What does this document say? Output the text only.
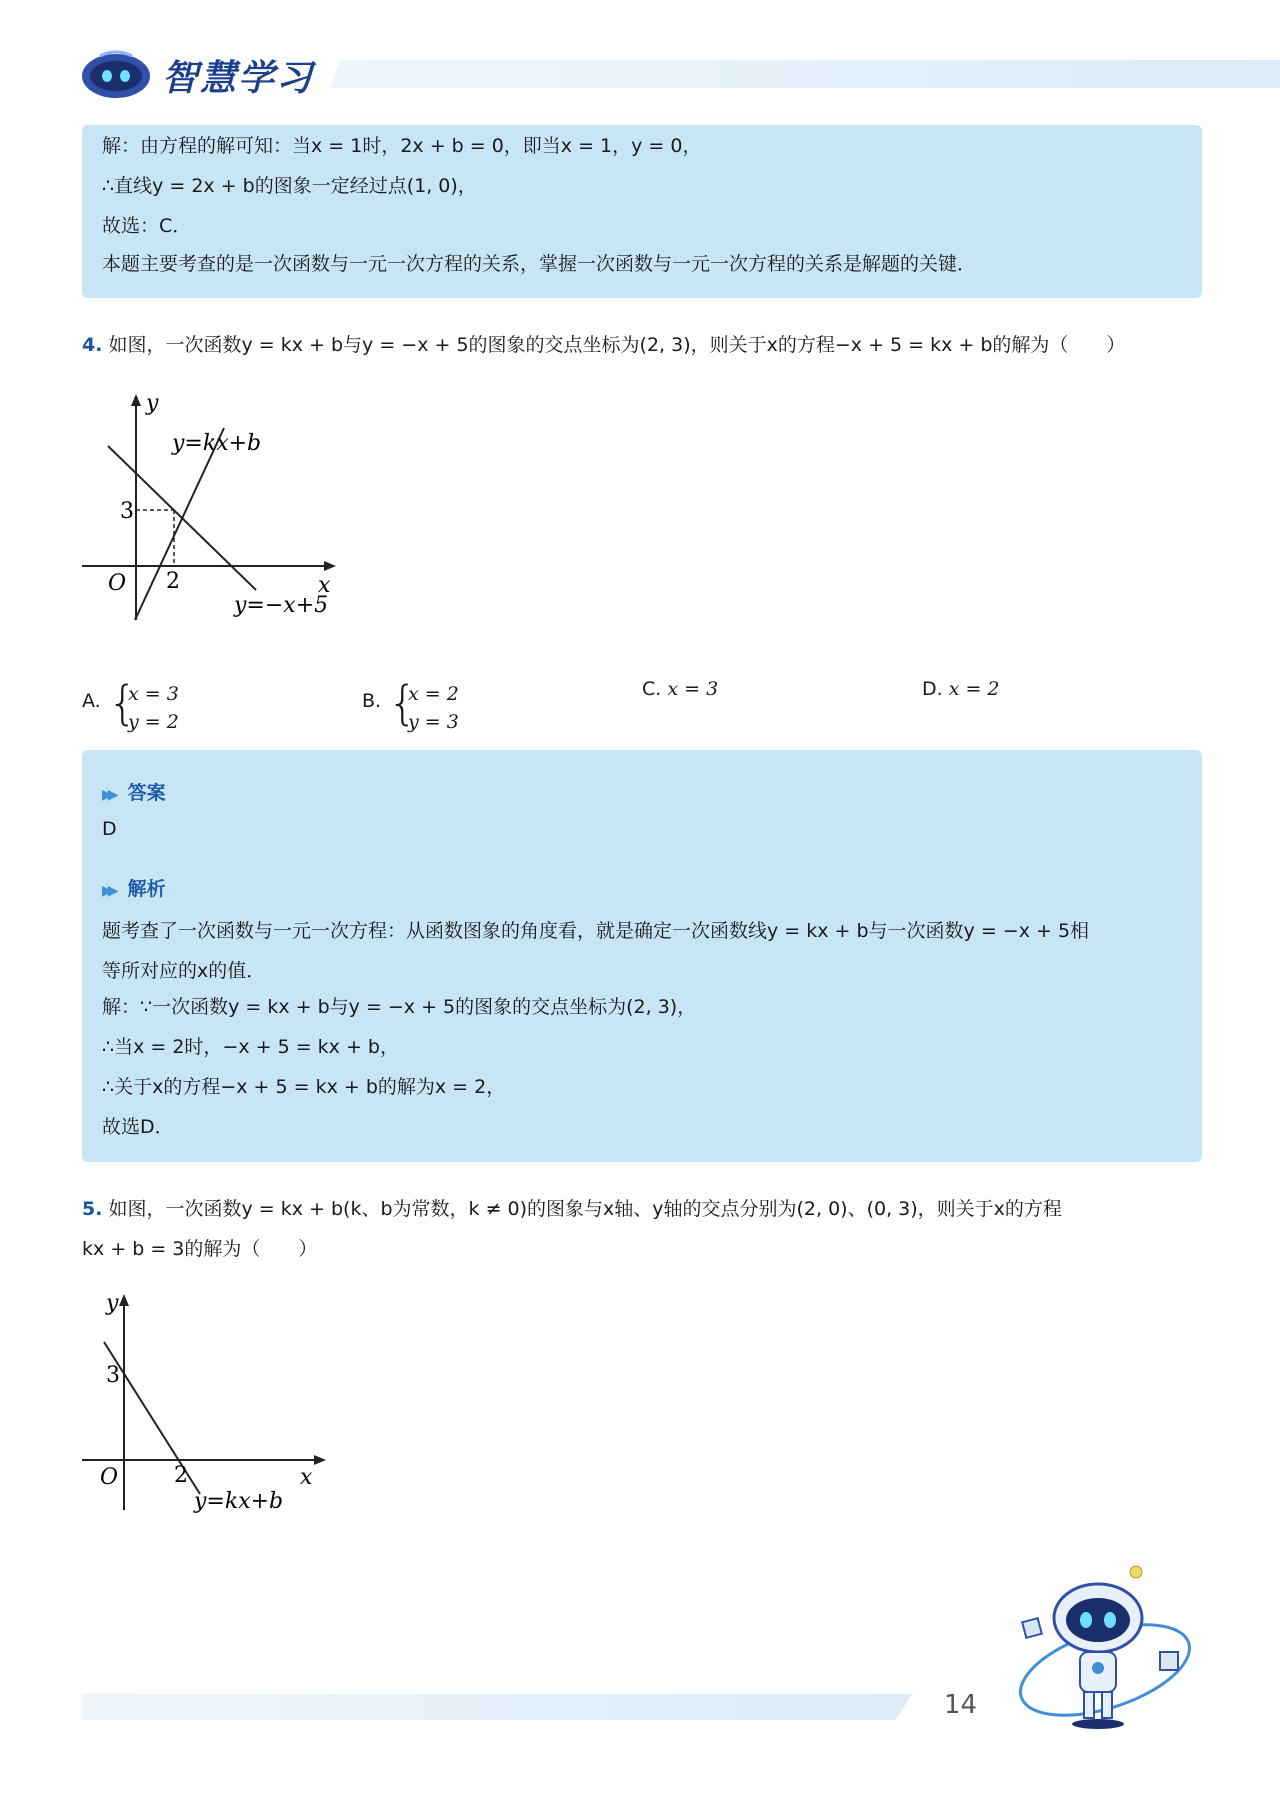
智慧学习
解：由方程的解可知：当x = 1时，2x + b = 0，即当x = 1，y = 0，
∴直线y = 2x + b的图象一定经过点(1, 0)，
故选：C．
本题主要考查的是一次函数与一元一次方程的关系，掌握一次函数与一元一次方程的关系是解题的关键．
4. 如图，一次函数y = kx + b与y = −x + 5的图象的交点坐标为(2, 3)，则关于x的方程−x + 5 = kx + b的解为（　　）
y
x
O 2
3
y=kx+b
y=−x+5
A. {
x = 3
y = 2
B. {
x = 2
y = 3
C. x = 3	D. x = 2
▶▶ 答案
D
▶▶ 解析
题考查了一次函数与一元一次方程：从函数图象的角度看，就是确定一次函数线y = kx + b与一次函数y = −x + 5相
等所对应的x的值．
解：∵一次函数y = kx + b与y = −x + 5的图象的交点坐标为(2, 3)，
∴当x = 2时，−x + 5 = kx + b，
∴关于x的方程−x + 5 = kx + b的解为x = 2，
故选D．
5. 如图，一次函数y = kx + b(k、b为常数，k ≠ 0)的图象与x轴、y轴的交点分别为(2, 0)、(0, 3)，则关于x的方程
kx + b = 3的解为（　　）
y
x
O	2
3
y=kx+b
14
